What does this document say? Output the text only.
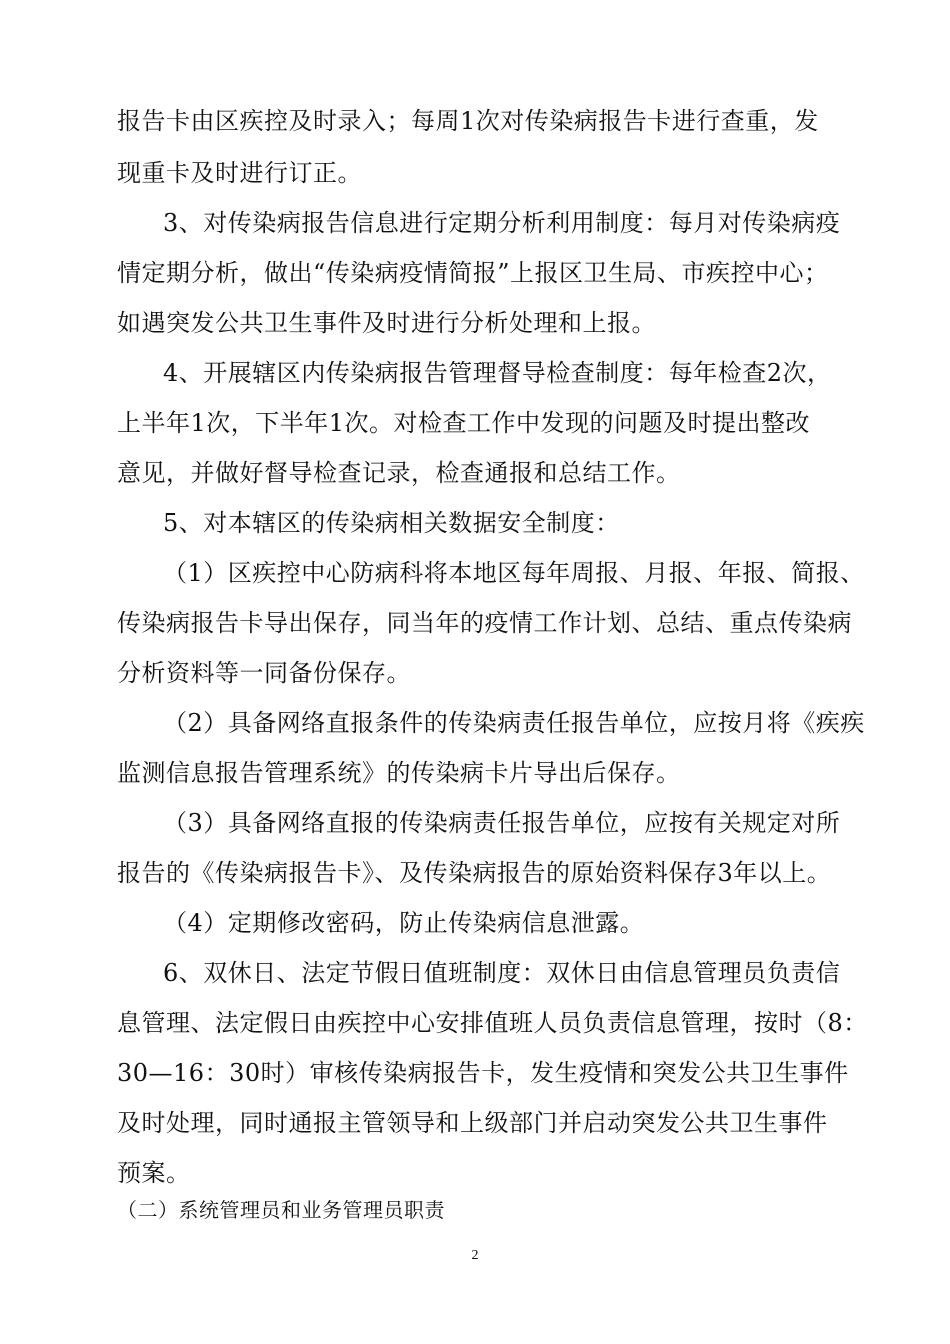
报告卡由区疾控及时录入；每周1次对传染病报告卡进行查重，发
现重卡及时进行订正。
3、对传染病报告信息进行定期分析利用制度：每月对传染病疫
情定期分析，做出“传染病疫情简报”上报区卫生局、市疾控中心；
如遇突发公共卫生事件及时进行分析处理和上报。
4、开展辖区内传染病报告管理督导检查制度：每年检查2次，
上半年1次，下半年1次。对检查工作中发现的问题及时提出整改
意见，并做好督导检查记录，检查通报和总结工作。
5、对本辖区的传染病相关数据安全制度：
（1）区疾控中心防病科将本地区每年周报、月报、年报、简报、
传染病报告卡导出保存，同当年的疫情工作计划、总结、重点传染病
分析资料等一同备份保存。
（2）具备网络直报条件的传染病责任报告单位，应按月将《疾疾
监测信息报告管理系统》的传染病卡片导出后保存。
（3）具备网络直报的传染病责任报告单位，应按有关规定对所
报告的《传染病报告卡》、及传染病报告的原始资料保存3年以上。
（4）定期修改密码，防止传染病信息泄露。
6、双休日、法定节假日值班制度：双休日由信息管理员负责信
息管理、法定假日由疾控中心安排值班人员负责信息管理，按时（8：
30—16：30时）审核传染病报告卡，发生疫情和突发公共卫生事件
及时处理，同时通报主管领导和上级部门并启动突发公共卫生事件
预案。
（二）系统管理员和业务管理员职责
2
